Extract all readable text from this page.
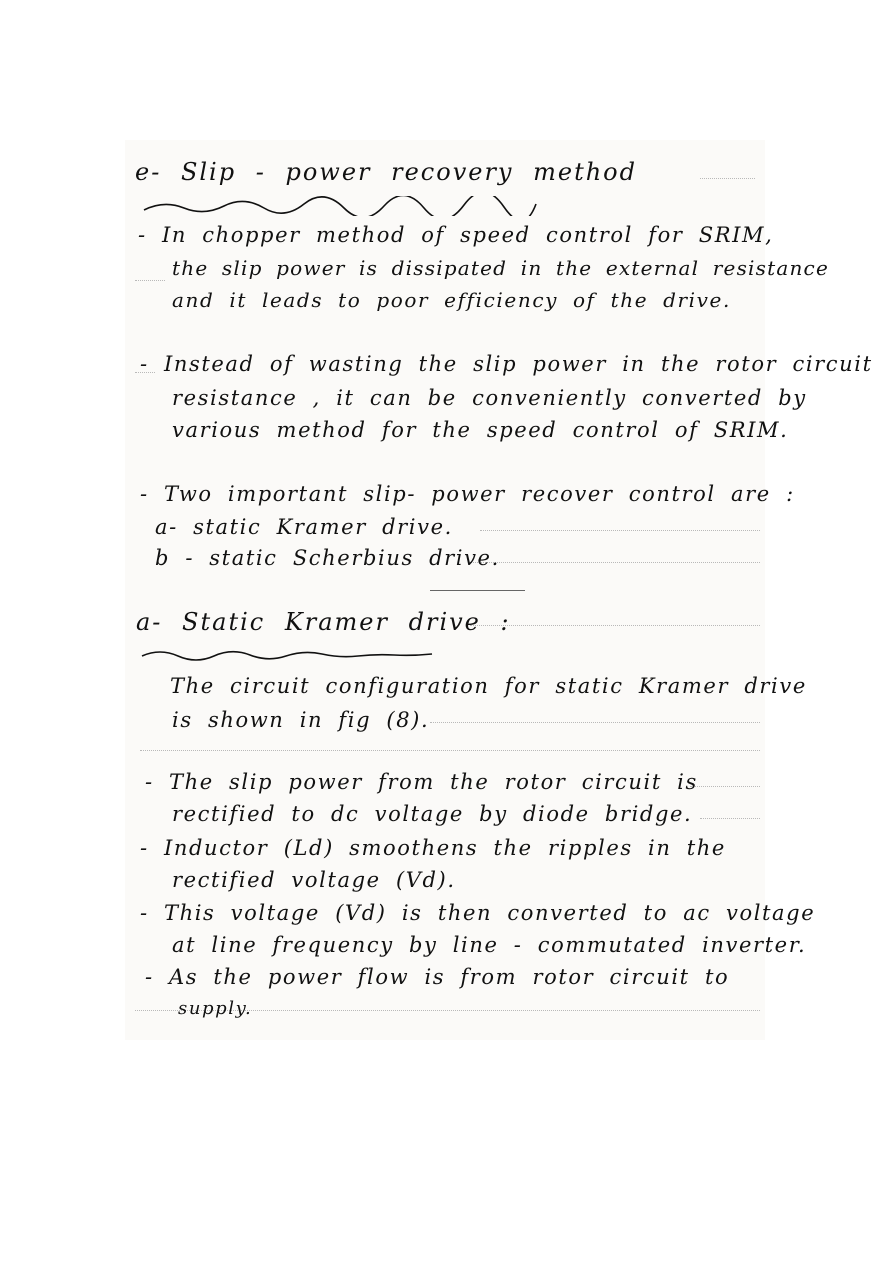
e- Slip - power recovery method
- In chopper method of speed control for SRIM,
the slip power is dissipated in the external resistance
and it leads to poor efficiency of the drive.
- Instead of wasting the slip power in the rotor circuit
resistance , it can be conveniently converted by
various method for the speed control of SRIM.
- Two important slip- power recover control are :
a- static Kramer drive.
b - static Scherbius drive.
a- Static Kramer drive :
The circuit configuration for static Kramer drive
is shown in fig (8).
- The slip power from the rotor circuit is
rectified to dc voltage by diode bridge.
- Inductor (Ld) smoothens the ripples in the
rectified voltage (Vd).
- This voltage (Vd) is then converted to ac voltage
at line frequency by line - commutated inverter.
- As the power flow is from rotor circuit to
supply.
